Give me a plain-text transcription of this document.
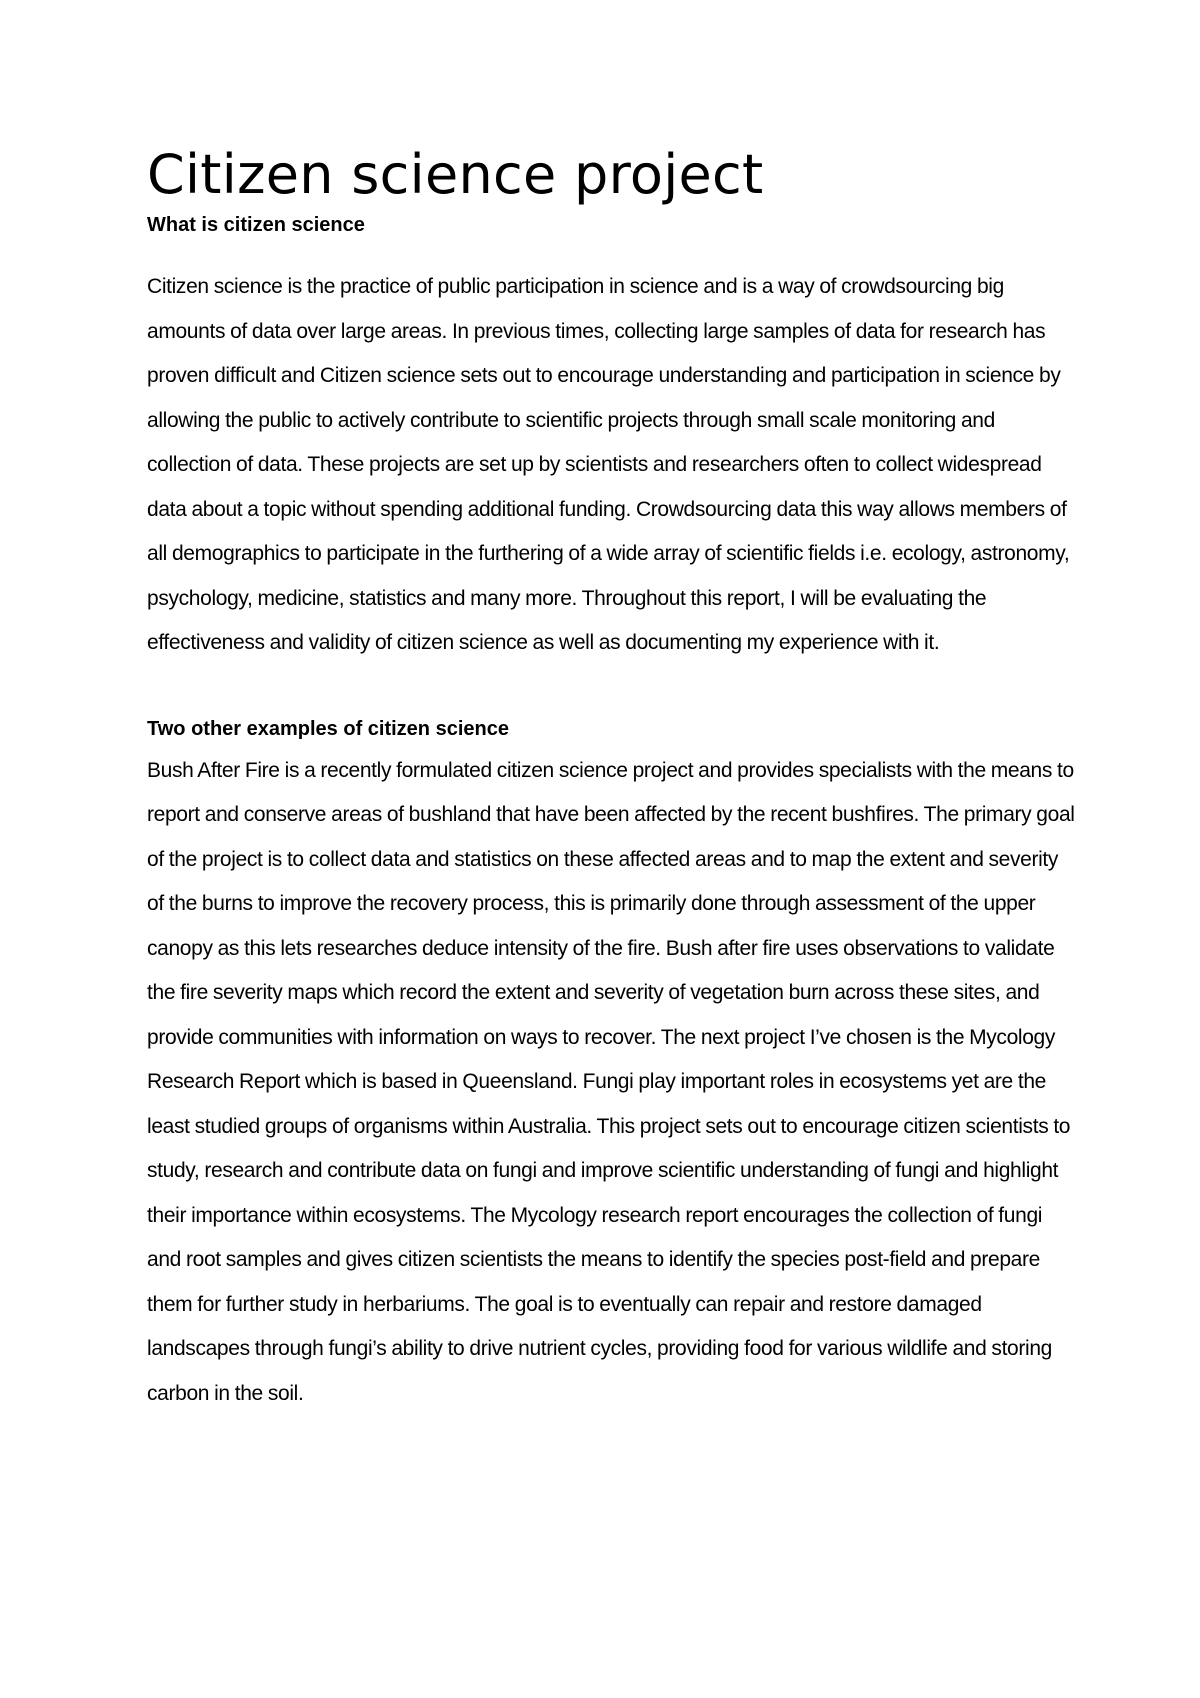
Citizen science project

What is citizen science

Citizen science is the practice of public participation in science and is a way of crowdsourcing big amounts of data over large areas. In previous times, collecting large samples of data for research has proven difficult and Citizen science sets out to encourage understanding and participation in science by allowing the public to actively contribute to scientific projects through small scale monitoring and collection of data. These projects are set up by scientists and researchers often to collect widespread data about a topic without spending additional funding. Crowdsourcing data this way allows members of all demographics to participate in the furthering of a wide array of scientific fields i.e. ecology, astronomy, psychology, medicine, statistics and many more. Throughout this report, I will be evaluating the effectiveness and validity of citizen science as well as documenting my experience with it.

Two other examples of citizen science

Bush After Fire is a recently formulated citizen science project and provides specialists with the means to report and conserve areas of bushland that have been affected by the recent bushfires. The primary goal of the project is to collect data and statistics on these affected areas and to map the extent and severity of the burns to improve the recovery process, this is primarily done through assessment of the upper canopy as this lets researches deduce intensity of the fire. Bush after fire uses observations to validate the fire severity maps which record the extent and severity of vegetation burn across these sites, and provide communities with information on ways to recover. The next project I’ve chosen is the Mycology Research Report which is based in Queensland. Fungi play important roles in ecosystems yet are the least studied groups of organisms within Australia. This project sets out to encourage citizen scientists to study, research and contribute data on fungi and improve scientific understanding of fungi and highlight their importance within ecosystems. The Mycology research report encourages the collection of fungi and root samples and gives citizen scientists the means to identify the species post-field and prepare them for further study in herbariums. The goal is to eventually can repair and restore damaged landscapes through fungi’s ability to drive nutrient cycles, providing food for various wildlife and storing carbon in the soil.
